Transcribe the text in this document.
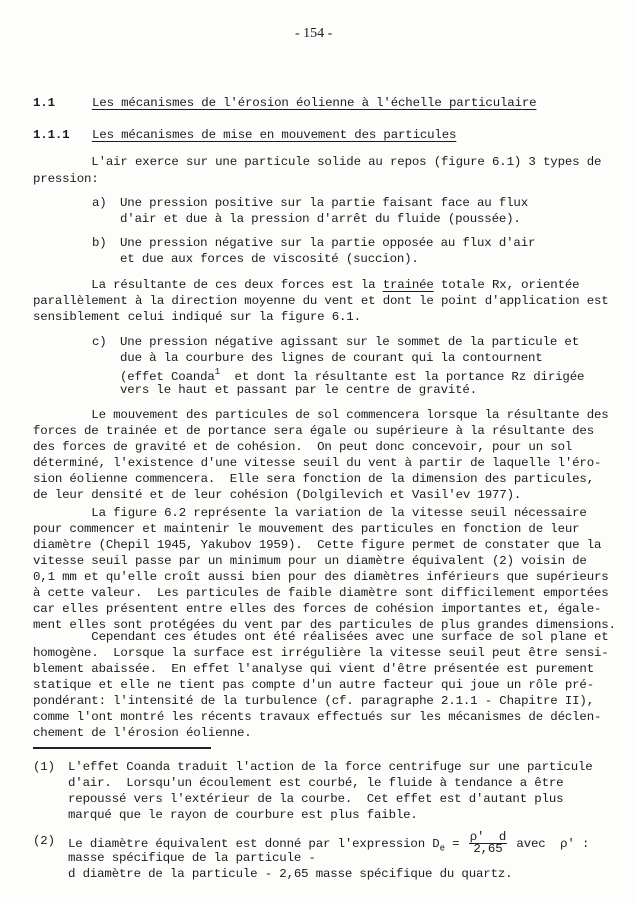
- 154 -
1.1	Les mécanismes de l'érosion éolienne à l'échelle particulaire
1.1.1 Les mécanismes de mise en mouvement des particules
L'air exerce sur une particule solide au repos (figure 6.1) 3 types de
pression:
a) Une pression positive sur la partie faisant face au flux
d'air et due à la pression d'arrêt du fluide (poussée).
b) Une pression négative sur la partie opposée au flux d'air
et due aux forces de viscosité (succion).
La résultante de ces deux forces est la trainée totale Rx, orientée
parallèlement à la direction moyenne du vent et dont le point d'application est
sensiblement celui indiqué sur la figure 6.1.
c) Une pression négative agissant sur le sommet de la particule et
due à la courbure des lignes de courant qui la contournent
(effet Coanda$^1$  et dont la résultante est la portance Rz dirigée
vers le haut et passant par le centre de gravité.
Le mouvement des particules de sol commencera lorsque la résultante des
forces de trainée et de portance sera égale ou supérieure à la résultante des
des forces de gravité et de cohésion.  On peut donc concevoir, pour un sol
déterminé, l'existence d'une vitesse seuil du vent à partir de laquelle l'éro-
sion éolienne commencera.  Elle sera fonction de la dimension des particules,
de leur densité et de leur cohésion (Dolgilevich et Vasil'ev 1977).
La figure 6.2 représente la variation de la vitesse seuil nécessaire
pour commencer et maintenir le mouvement des particules en fonction de leur
diamètre (Chepil 1945, Yakubov 1959).  Cette figure permet de constater que la
vitesse seuil passe par un minimum pour un diamètre équivalent (2) voisin de
0,1 mm et qu'elle croît aussi bien pour des diamètres inférieurs que supérieurs
à cette valeur.  Les particules de faible diamètre sont difficilement emportées
car elles présentent entre elles des forces de cohésion importantes et, égale-
ment elles sont protégées du vent par des particules de plus grandes dimensions.
Cependant ces études ont été réalisées avec une surface de sol plane et
homogène.  Lorsque la surface est irrégulière la vitesse seuil peut être sensi-
blement abaissée.  En effet l'analyse qui vient d'être présentée est purement
statique et elle ne tient pas compte d'un autre facteur qui joue un rôle pré-
pondérant: l'intensité de la turbulence (cf. paragraphe 2.1.1 - Chapitre II),
comme l'ont montré les récents travaux effectués sur les mécanismes de déclen-
chement de l'érosion éolienne.
(1) L'effet Coanda traduit l'action de la force centrifuge sur une particule
d'air.  Lorsqu'un écoulement est courbé, le fluide à tendance a être
repoussé vers l'extérieur de la courbe.  Cet effet est d'autant plus
marqué que le rayon de courbure est plus faible.
(2) Le diamètre équivalent est donné par l'expression $D_e = \frac{\rho' d}{2,65}$ avec  ρ' :
masse spécifique de la particule -
d diamètre de la particule - 2,65 masse spécifique du quartz.
